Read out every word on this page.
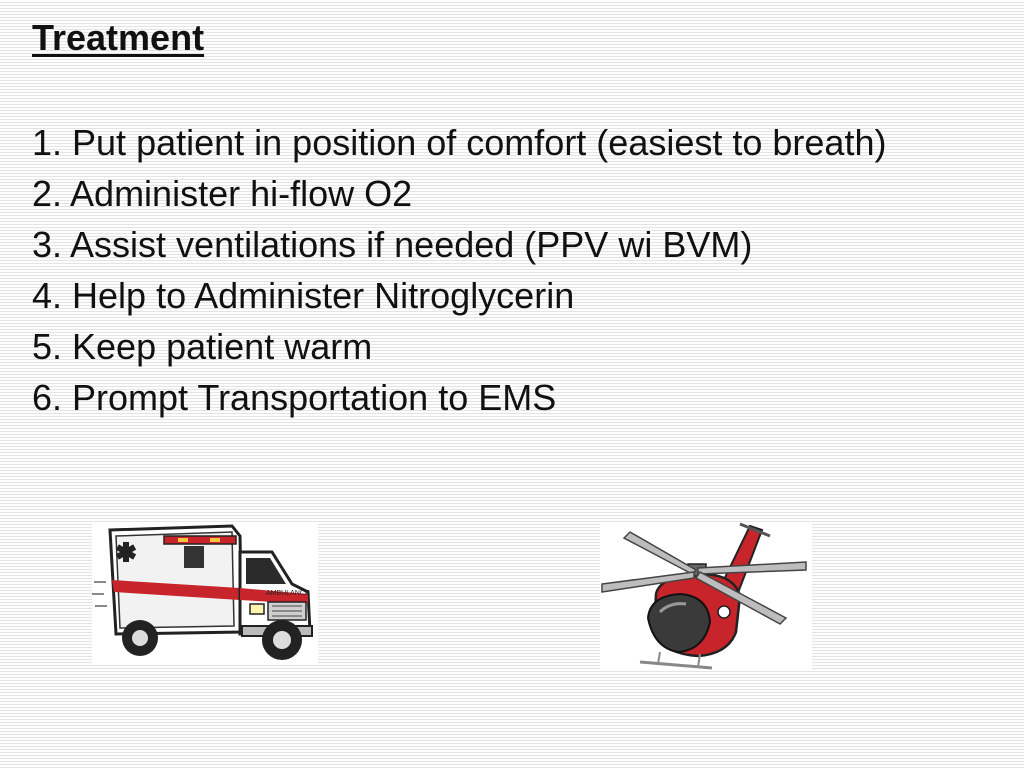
Treatment
1. Put patient in position of comfort (easiest to breath)
2. Administer hi-flow O2
3. Assist ventilations if needed (PPV wi BVM)
4. Help to Administer Nitroglycerin
5. Keep patient warm
6. Prompt Transportation to EMS
AMBULANCE
